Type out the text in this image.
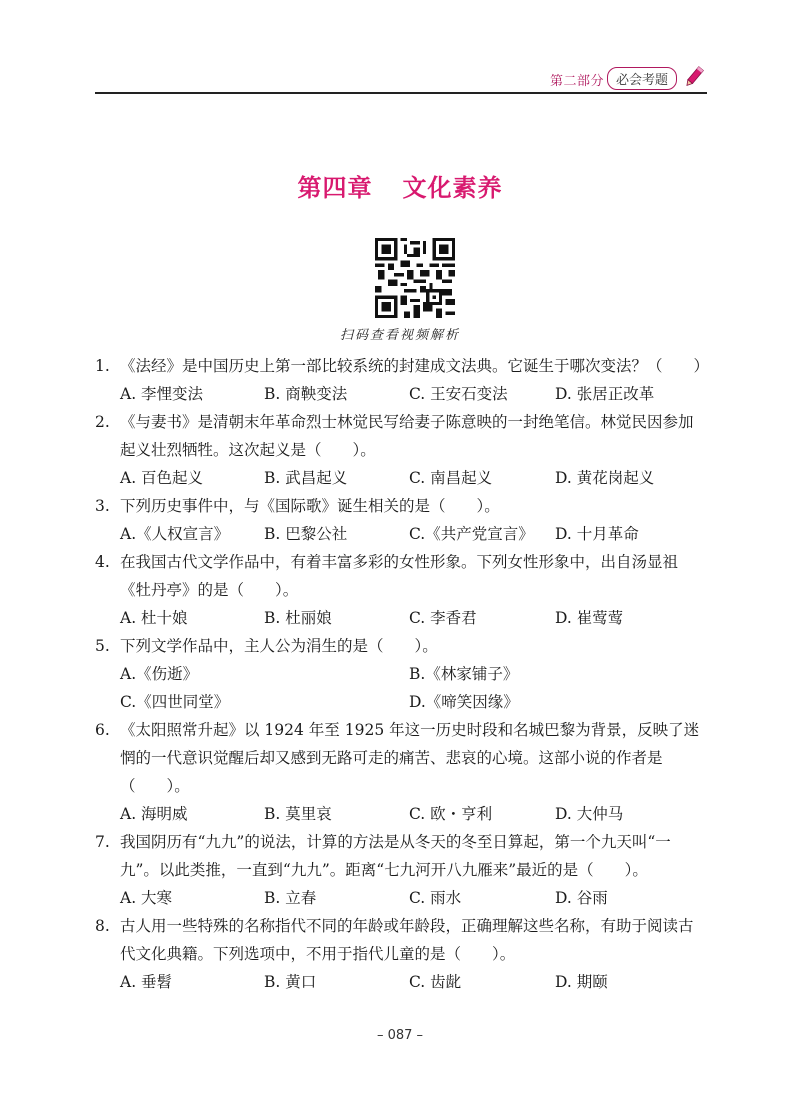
第二部分 必会考题
第四章 文化素养
扫码查看视频解析
1. 《法经》是中国历史上第一部比较系统的封建成文法典。它诞生于哪次变法？（　　）
A. 李悝变法	B. 商鞅变法	C. 王安石变法	D. 张居正改革
2. 《与妻书》是清朝末年革命烈士林觉民写给妻子陈意映的一封绝笔信。林觉民因参加起义壮烈牺牲。这次起义是（　　）。
A. 百色起义	B. 武昌起义	C. 南昌起义	D. 黄花岗起义
3. 下列历史事件中，与《国际歌》诞生相关的是（　　）。
A.《人权宣言》 B. 巴黎公社	C.《共产党宣言》 D. 十月革命
4. 在我国古代文学作品中，有着丰富多彩的女性形象。下列女性形象中，出自汤显祖《牡丹亭》的是（　　）。
A. 杜十娘	B. 杜丽娘	C. 李香君	D. 崔莺莺
5. 下列文学作品中，主人公为涓生的是（　　）。
A.《伤逝》	B.《林家铺子》
C.《四世同堂》	D.《啼笑因缘》
6. 《太阳照常升起》以 1924 年至 1925 年这一历史时段和名城巴黎为背景，反映了迷惘的一代意识觉醒后却又感到无路可走的痛苦、悲哀的心境。这部小说的作者是（　　）。
A. 海明威	B. 莫里哀	C. 欧・亨利	D. 大仲马
7. 我国阴历有“九九”的说法，计算的方法是从冬天的冬至日算起，第一个九天叫“一九”。以此类推，一直到“九九”。距离“七九河开八九雁来”最近的是（　　）。
A. 大寒	B. 立春	C. 雨水	D. 谷雨
8. 古人用一些特殊的名称指代不同的年龄或年龄段，正确理解这些名称，有助于阅读古代文化典籍。下列选项中，不用于指代儿童的是（　　）。
A. 垂髫	B. 黄口	C. 齿龀	D. 期颐
– 087 –
